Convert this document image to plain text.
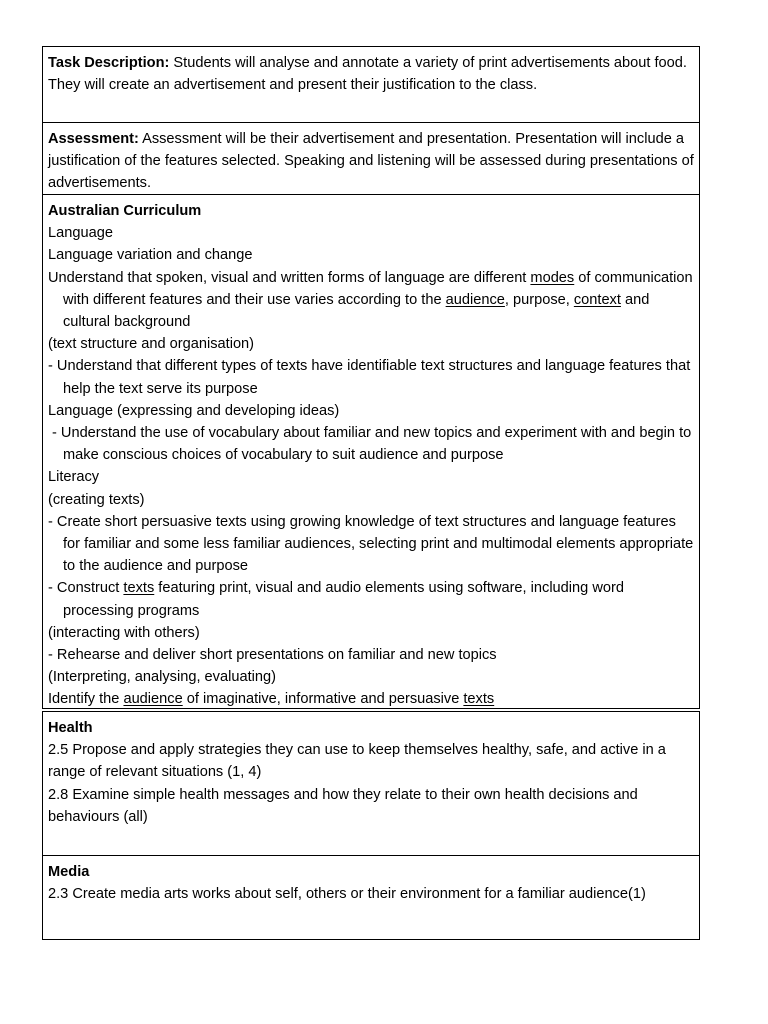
Task Description: Students will analyse and annotate a variety of print advertisements about food. They will create an advertisement and present their justification to the class.
Assessment: Assessment will be their advertisement and presentation. Presentation will include a justification of the features selected. Speaking and listening will be assessed during presentations of advertisements.
Australian Curriculum
Language
Language variation and change
Understand that spoken, visual and written forms of language are different modes of communication with different features and their use varies according to the audience, purpose, context and cultural background
(text structure and organisation)
- Understand that different types of texts have identifiable text structures and language features that help the text serve its purpose
Language (expressing and developing ideas)
- Understand the use of vocabulary about familiar and new topics and experiment with and begin to make conscious choices of vocabulary to suit audience and purpose
Literacy
(creating texts)
- Create short persuasive texts using growing knowledge of text structures and language features for familiar and some less familiar audiences, selecting print and multimodal elements appropriate to the audience and purpose
- Construct texts featuring print, visual and audio elements using software, including word processing programs
(interacting with others)
- Rehearse and deliver short presentations on familiar and new topics
(Interpreting, analysing, evaluating)
Identify the audience of imaginative, informative and persuasive texts
Health
2.5 Propose and apply strategies they can use to keep themselves healthy, safe, and active in a range of relevant situations (1, 4)
2.8 Examine simple health messages and how they relate to their own health decisions and behaviours (all)
Media
2.3 Create media arts works about self, others or their environment for a familiar audience(1)
